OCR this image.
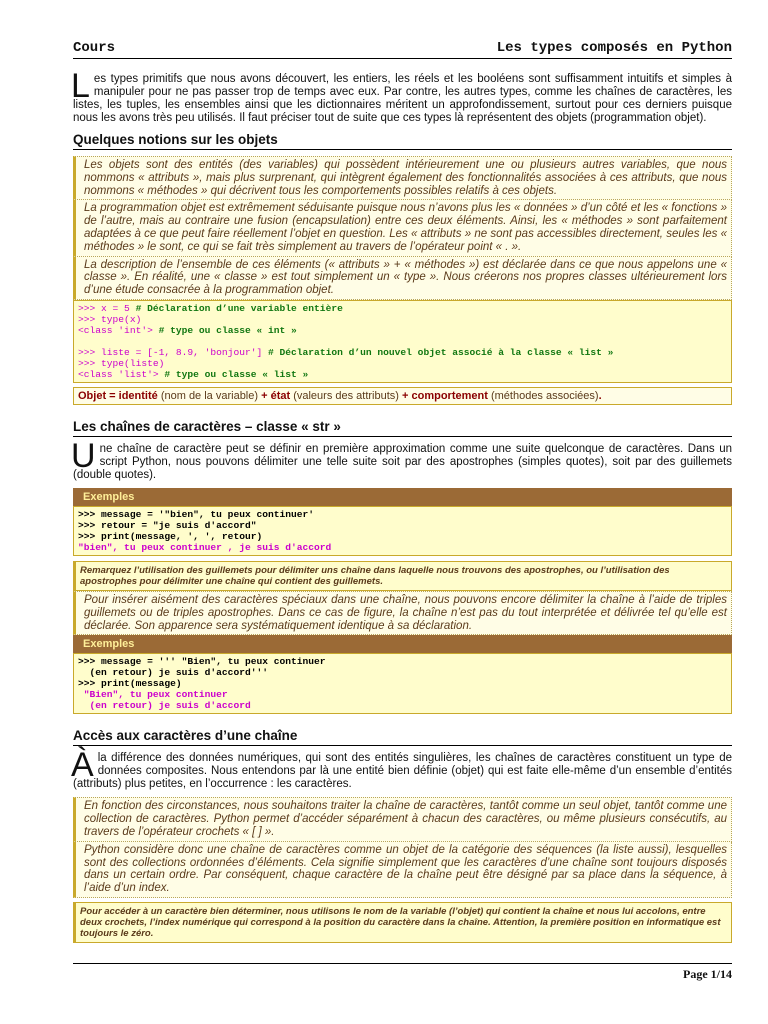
Cours	Les types composés en Python
Les types primitifs que nous avons découvert, les entiers, les réels et les booléens sont suffisamment intuitifs et simples à manipuler pour ne pas passer trop de temps avec eux. Par contre, les autres types, comme les chaînes de caractères, les listes, les tuples, les ensembles ainsi que les dictionnaires méritent un approfondissement, surtout pour ces derniers puisque nous les avons très peu utilisés. Il faut préciser tout de suite que ces types là représentent des objets (programmation objet).
Quelques notions sur les objets
Les objets sont des entités (des variables) qui possèdent intérieurement une ou plusieurs autres variables, que nous nommons « attributs », mais plus surprenant, qui intègrent également des fonctionnalités associées à ces attributs, que nous nommons « méthodes » qui décrivent tous les comportements possibles relatifs à ces objets.
La programmation objet est extrêmement séduisante puisque nous n’avons plus les « données » d’un côté et les « fonctions » de l’autre, mais au contraire une fusion (encapsulation) entre ces deux éléments. Ainsi, les « méthodes » sont parfaitement adaptées à ce que peut faire réellement l’objet en question. Les « attributs » ne sont pas accessibles directement, seules les « méthodes » le sont, ce qui se fait très simplement au travers de l’opérateur point « . ».
La description de l’ensemble de ces éléments (« attributs » + « méthodes ») est déclarée dans ce que nous appelons une « classe ». En réalité, une « classe » est tout simplement un « type ». Nous créerons nos propres classes ultérieurement lors d’une étude consacrée à la programmation objet.
>>> x = 5 # Déclaration d’une variable entière
>>> type(x)
<class 'int'> # type ou classe « int »

>>> liste = [-1, 8.9, 'bonjour'] # Déclaration d’un nouvel objet associé à la classe « list »
>>> type(liste)
<class 'list'> # type ou classe « list »
Objet = identité (nom de la variable) + état (valeurs des attributs) + comportement (méthodes associées).
Les chaînes de caractères – classe « str »
Une chaîne de caractère peut se définir en première approximation comme une suite quelconque de caractères. Dans un script Python, nous pouvons délimiter une telle suite soit par des apostrophes (simples quotes), soit par des guillemets (double quotes).
Exemples
>>> message = '"bien", tu peux continuer'
>>> retour = "je suis d'accord"
>>> print(message, ', ', retour)
"bien", tu peux continuer , je suis d'accord
Remarquez l’utilisation des guillemets pour délimiter uns chaîne dans laquelle nous trouvons des apostrophes, ou l’utilisation des apostrophes pour délimiter une chaîne qui contient des guillemets.
Pour insérer aisément des caractères spéciaux dans une chaîne, nous pouvons encore délimiter la chaîne à l’aide de triples guillemets ou de triples apostrophes. Dans ce cas de figure, la chaîne n’est pas du tout interprétée et délivrée tel qu’elle est déclarée. Son apparence sera systématiquement identique à sa déclaration.
Exemples
>>> message = ''' "Bien", tu peux continuer
(en retour) je suis d'accord'''
>>> print(message)
"Bien", tu peux continuer
(en retour) je suis d'accord
Accès aux caractères d’une chaîne
À la différence des données numériques, qui sont des entités singulières, les chaînes de caractères constituent un type de données composites. Nous entendons par là une entité bien définie (objet) qui est faite elle-même d’un ensemble d’entités (attributs) plus petites, en l’occurrence : les caractères.
En fonction des circonstances, nous souhaitons traiter la chaîne de caractères, tantôt comme un seul objet, tantôt comme une collection de caractères. Python permet d’accéder séparément à chacun des caractères, ou même plusieurs consécutifs, au travers de l’opérateur crochets « [ ] ».
Python considère donc une chaîne de caractères comme un objet de la catégorie des séquences (la liste aussi), lesquelles sont des collections ordonnées d’éléments. Cela signifie simplement que les caractères d’une chaîne sont toujours disposés dans un certain ordre. Par conséquent, chaque caractère de la chaîne peut être désigné par sa place dans la séquence, à l’aide d’un index.
Pour accéder à un caractère bien déterminer, nous utilisons le nom de la variable (l’objet) qui contient la chaîne et nous lui accolons, entre deux crochets, l’index numérique qui correspond à la position du caractère dans la chaîne. Attention, la première position en informatique est toujours le zéro.
Page 1/14
